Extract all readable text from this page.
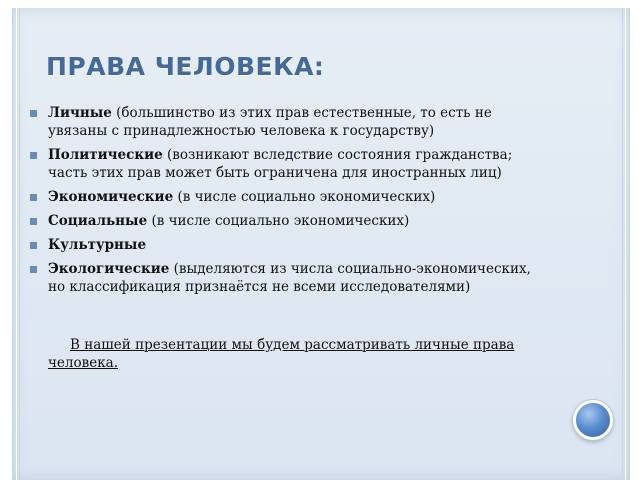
ПРАВА ЧЕЛОВЕКА:
Личные (большинство из этих прав естественные, то есть не увязаны с принадлежностью человека к государству)
Политические (возникают вследствие состояния гражданства; часть этих прав может быть ограничена для иностранных лиц)
Экономические (в числе социально экономических)
Социальные (в числе социально экономических)
Культурные
Экологические (выделяются из числа социально-экономических, но классификация признаётся не всеми исследователями)

В нашей презентации мы будем рассматривать личные права человека.
